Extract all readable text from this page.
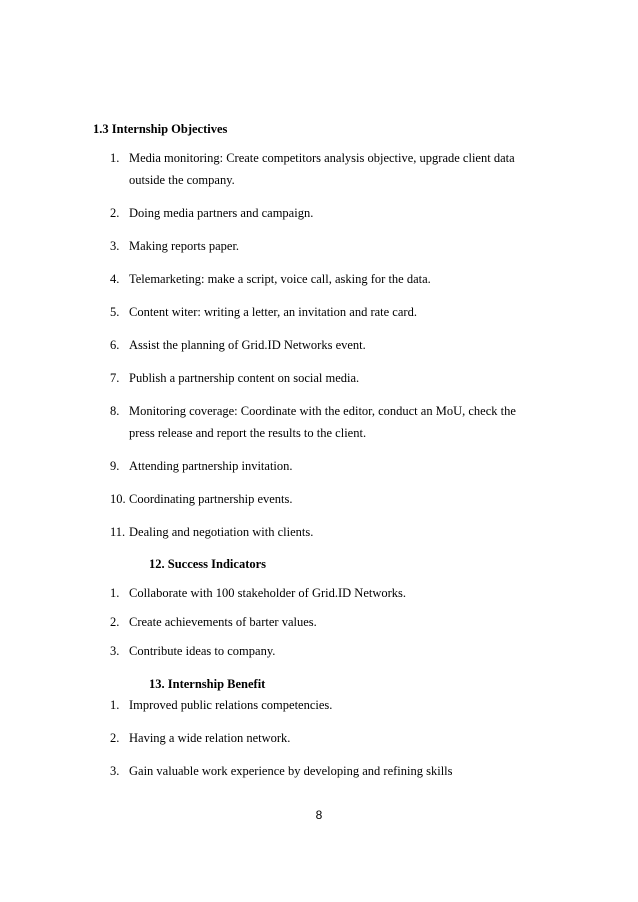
1.3 Internship Objectives
1. Media monitoring: Create competitors analysis objective, upgrade client data
outside the company.
2. Doing media partners and campaign.
3. Making reports paper.
4. Telemarketing: make a script, voice call, asking for the data.
5. Content witer: writing a letter, an invitation and rate card.
6. Assist the planning of Grid.ID Networks event.
7. Publish a partnership content on social media.
8. Monitoring coverage: Coordinate with the editor, conduct an MoU, check the
press release and report the results to the client.
9. Attending partnership invitation.
10. Coordinating partnership events.
11. Dealing and negotiation with clients.
12. Success Indicators
1. Collaborate with 100 stakeholder of Grid.ID Networks.
2. Create achievements of barter values.
3. Contribute ideas to company.
13. Internship Benefit
1. Improved public relations competencies.
2. Having a wide relation network.
3. Gain valuable work experience by developing and refining skills
8
